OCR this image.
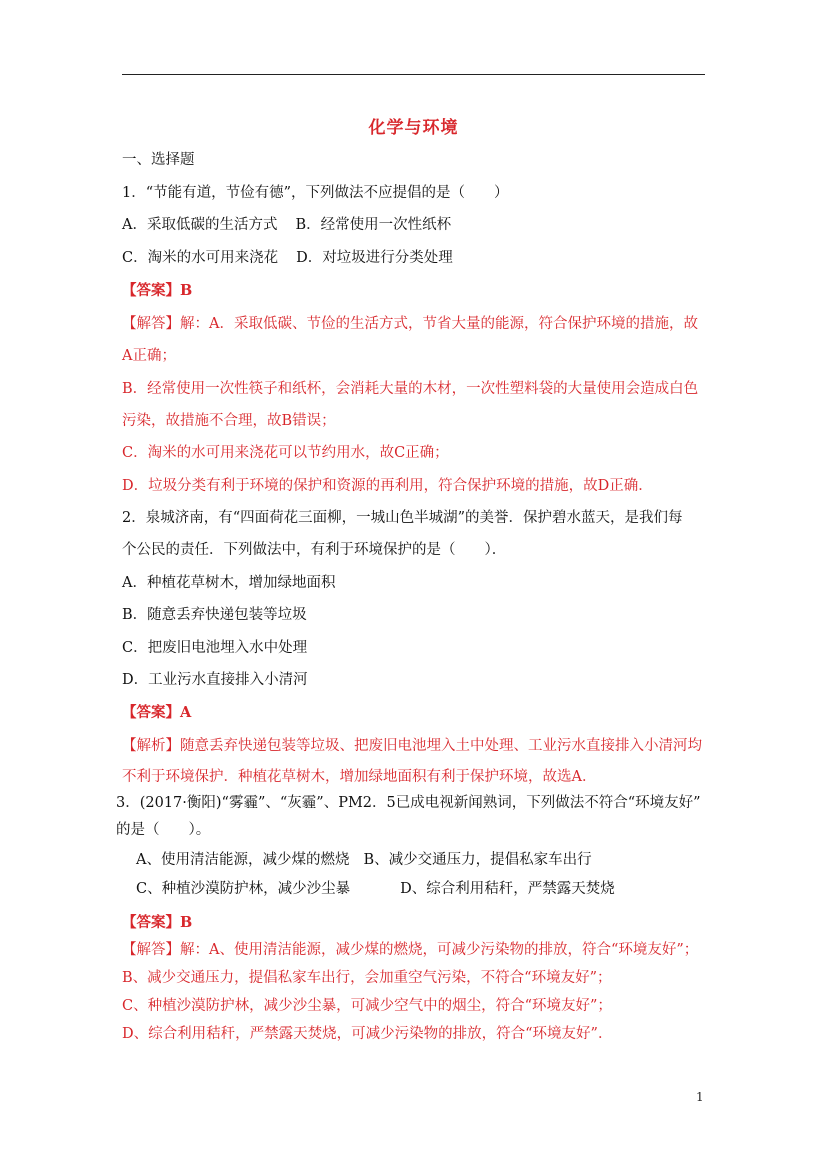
化学与环境
一、选择题
1．“节能有道，节俭有德”，下列做法不应提倡的是（　　）
A．采取低碳的生活方式 B．经常使用一次性纸杯
C．淘米的水可用来浇花 D．对垃圾进行分类处理
【答案】B
【解答】解：A．采取低碳、节俭的生活方式，节省大量的能源，符合保护环境的措施，故
A正确；
B．经常使用一次性筷子和纸杯，会消耗大量的木材，一次性塑料袋的大量使用会造成白色
污染，故措施不合理，故B错误；
C．淘米的水可用来浇花可以节约用水，故C正确；
D．垃圾分类有利于环境的保护和资源的再利用，符合保护环境的措施，故D正确．
2．泉城济南，有“四面荷花三面柳，一城山色半城湖”的美誉．保护碧水蓝天，是我们每
个公民的责任．下列做法中，有利于环境保护的是（　　）．
A．种植花草树木，增加绿地面积
B．随意丢弃快递包装等垃圾
C．把废旧电池埋入水中处理
D．工业污水直接排入小清河
【答案】A
【解析】随意丢弃快递包装等垃圾、把废旧电池埋入土中处理、工业污水直接排入小清河均
不利于环境保护．种植花草树木，增加绿地面积有利于保护环境，故选A．
3．(2017·衡阳)“雾霾”、“灰霾”、PM2．5已成电视新闻熟词，下列做法不符合“环境友好”
的是（　　）。
A、使用清洁能源，减少煤的燃烧 B、减少交通压力，提倡私家车出行
C、种植沙漠防护林，减少沙尘暴	D、综合利用秸秆，严禁露天焚烧
【答案】B
【解答】解：A、使用清洁能源，减少煤的燃烧，可减少污染物的排放，符合“环境友好”；
B、减少交通压力，提倡私家车出行，会加重空气污染，不符合“环境友好”；
C、种植沙漠防护林，减少沙尘暴，可减少空气中的烟尘，符合“环境友好”；
D、综合利用秸秆，严禁露天焚烧，可减少污染物的排放，符合“环境友好”．
1
